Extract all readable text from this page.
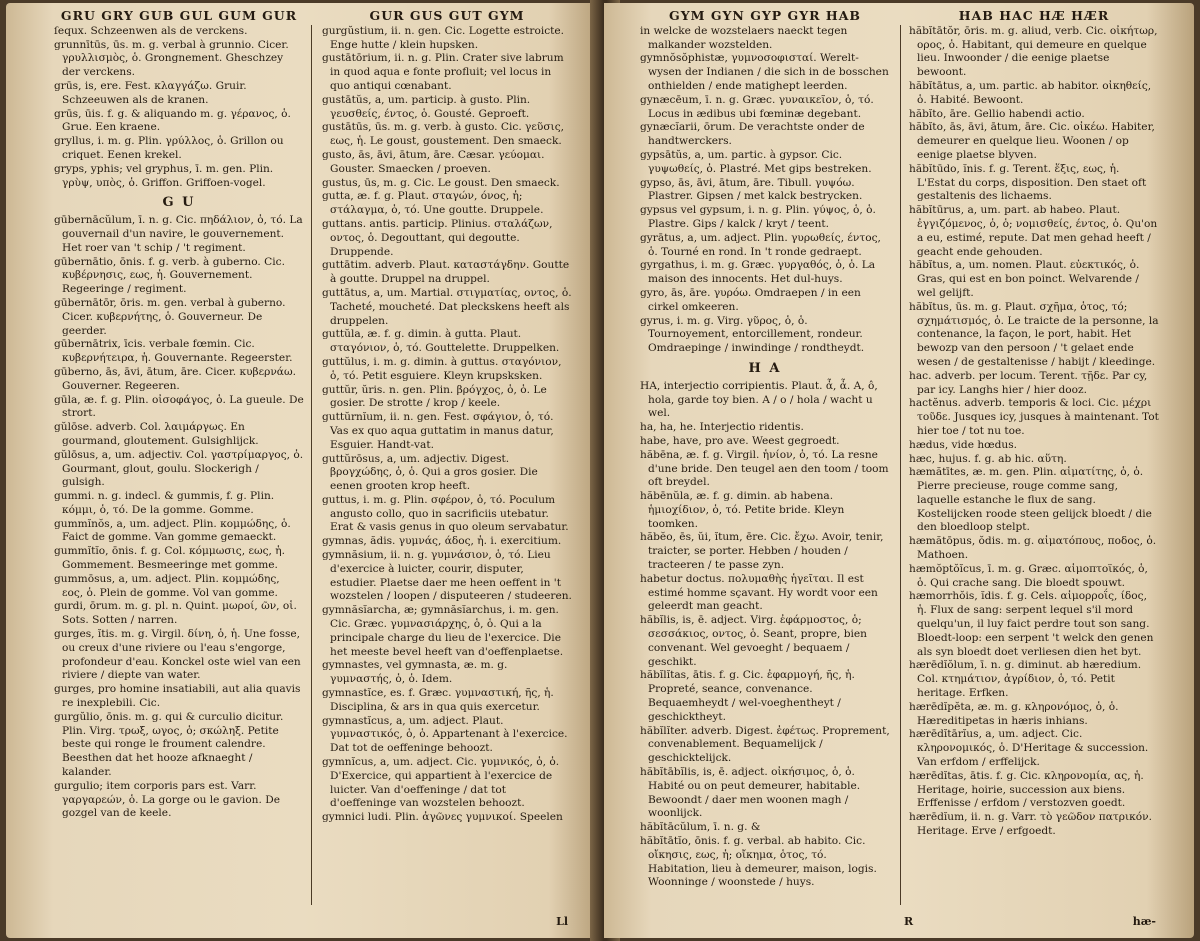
GRU GRY GUB GUL GUM GUR
ſequx. Schzeenwen als de verckens.
grunnītūs, ūs. m. g. verbal à grunnio. Cicer. γρυλλισμὸς, ὁ. Grongnement. Gheschzey der verckens.
grūs, is, ere. Fest. κλαγγάζω. Gruir. Schzeeuwen als de kranen.
grūs, ūis. f. g. & aliquando m. g. γέρανος, ὁ. Grue. Een kraene.
gryllus, i. m. g. Plin. γρύλλος, ὁ. Grillon ou criquet. Eenen krekel.
gryps, yphis; vel gryphus, ī. m. gen. Plin. γρὺψ, υπὸς, ὁ. Griffon. Griffoen-vogel.
G U
gūbernācŭlum, ī. n. g. Cic. πηδάλιον, ὁ, τό. La gouvernail d'un navire, le gouvernement. Het roer van 't schip / 't regiment.
gūbernātio, ōnis. f. g. verb. à guberno. Cic. κυβέρνησις, εως, ἡ. Gouvernement. Regeeringe / regiment.
gūbernātōr, ōris. m. gen. verbal à guberno. Cicer. κυβερνήτης, ὁ. Gouverneur. De geerder.
gūbernātrix, īcis. verbale fœmin. Cic. κυβερνήτειρα, ἡ. Gouvernante. Regeerster.
gūberno, ās, āvi, ātum, āre. Cicer. κυβερνάω. Gouverner. Regeeren.
gūla, æ. f. g. Plin. οἰσοφάγος, ὁ. La gueule. De strort.
gŭlōse. adverb. Col. λαιμάργως. En gourmand, gloutement. Gulsighlijck.
gŭlōsus, a, um. adjectiv. Col. γαστρίμαργος, ὁ. Gourmant, glout, goulu. Slockerigh / gulsigh.
gummi. n. g. indecl. & gummis, f. g. Plin. κόμμι, ὁ, τό. De la gomme. Gomme.
gummĭnŏs, a, um. adject. Plin. κομμώδης, ὁ. Faict de gomme. Van gomme gemaeckt.
gummĭtĭo, ōnis. f. g. Col. κόμμωσις, εως, ἡ. Gommement. Besmeeringe met gomme.
gummōsus, a, um. adject. Plin. κομμώδης, εος, ὁ. Plein de gomme. Vol van gomme.
gurdi, ōrum. m. g. pl. n. Quint. μωροί, ῶν, οἱ. Sots. Sotten / narren.
gurges, ĭtis. m. g. Virgil. δίνη, ὁ, ἡ. Une fosse, ou creux d'une riviere ou l'eau s'engorge, profondeur d'eau. Konckel oste wiel van een riviere / diepte van water.
gurges, pro homine insatiabili, aut alia quavis re inexplebili. Cic.
gurgŭlio, ōnis. m. g. qui & curculio dicitur. Plin. Virg. τρωξ, ωγος, ὁ; σκώληξ. Petite beste qui ronge le froument calendre. Beesthen dat het hooze afknaeght / kalander.
gurgulio; item corporis pars est. Varr. γαργαρεών, ὁ. La gorge ou le gavion. De gozgel van de keele.
GUR GUS GUT GYM
gurgŭstium, ii. n. gen. Cic. Logette estroicte. Enge hutte / klein hupsken.
gustātōrium, ii. n. g. Plin. Crater sive labrum in quod aqua e fonte profluit; vel locus in quo antiqui cœnabant.
gustātŭs, a, um. particip. à gusto. Plin. γευσθείς, έντος, ὁ. Gousté. Geproeft.
gustātūs, ūs. m. g. verb. à gusto. Cic. γεῦσις, εως, ἡ. Le goust, goustement. Den smaeck.
gusto, ās, āvi, ātum, āre. Cæsar. γεύομαι. Gouster. Smaecken / proeven.
gustus, ūs, m. g. Cic. Le goust. Den smaeck.
gutta, æ. f. g. Plaut. σταγών, όνος, ἡ; στάλαγμα, ὁ, τό. Une goutte. Druppele.
guttans. antis. particip. Plinius. σταλάζων, οντος, ὁ. Degouttant, qui degoutte. Druppende.
guttātim. adverb. Plaut. καταστάγδην. Goutte à goutte. Druppel na druppel.
guttātus, a, um. Martial. στιγματίας, οντος, ὁ. Tacheté, moucheté. Dat pleckskens heeft als druppelen.
guttŭla, æ. f. g. dimin. à gutta. Plaut. σταγόνιον, ὁ, τό. Gouttelette. Druppelken.
guttŭlus, i. m. g. dimin. à guttus. σταγόνιον, ὁ, τό. Petit esguiere. Kleyn krupsksken.
guttŭr, ŭris. n. gen. Plin. βρόγχος, ὁ, ὁ. Le gosier. De strotte / krop / keele.
guttŭrnĭum, ii. n. gen. Fest. σφάγιον, ὁ, τό. Vas ex quo aqua guttatim in manus datur, Esguier. Handt-vat.
guttŭrōsus, a, um. adjectiv. Digest. βρογχώδης, ὁ, ὁ. Qui a gros gosier. Die eenen grooten krop heeft.
guttus, i. m. g. Plin. σφέρον, ὁ, τό. Poculum angusto collo, quo in sacrificiis utebatur. Erat & vasis genus in quo oleum servabatur.
gymnas, ădis. γυμνάς, άδος, ἡ. i. exercitium.
gymnăsium, ii. n. g. γυμνάσιον, ὁ, τό. Lieu d'exercice à luicter, courir, disputer, estudier. Plaetse daer me heen oeffent in 't wozstelen / loopen / disputeeren / studeeren.
gymnăsĭarcha, æ; gymnăsĭarchus, i. m. gen. Cic. Græc. γυμνασιάρχης, ὁ, ὁ. Qui a la principale charge du lieu de l'exercice. Die het meeste bevel heeft van d'oeffenplaetse.
gymnastes, vel gymnasta, æ. m. g. γυμναστής, ὁ, ὁ. Idem.
gymnastĭce, es. f. Græc. γυμναστική, ῆς, ἡ. Disciplina, & ars in qua quis exercetur.
gymnastĭcus, a, um. adject. Plaut. γυμναστικός, ὁ, ὁ. Appartenant à l'exercice. Dat tot de oeffeninge behoozt.
gymnĭcus, a, um. adject. Cic. γυμνικός, ὁ, ὁ. D'Exercice, qui appartient à l'exercice de luicter. Van d'oeffeninge / dat tot d'oeffeninge van wozstelen behoozt.
gymnici ludi. Plin. ἀγῶνες γυμνικοί. Speelen
Ll
GYM GYN GYP GYR HAB
in welcke de wozstelaers naeckt tegen malkander wozstelden.
gymnŏsŏphistæ, γυμνοσοφισταί. Werelt-wysen der Indianen / die sich in de bosschen onthielden / ende matighept leerden.
gynæcēum, ī. n. g. Græc. γυναικεῖον, ὁ, τό. Locus in ædibus ubi fœminæ degebant.
gynæcĭarii, ōrum. De verachtste onder de handtwerckers.
gypsātŭs, a, um. partic. à gypsor. Cic. γυψωθείς, ὁ. Plastré. Met gips bestreken.
gypso, ās, āvi, ātum, āre. Tibull. γυψόω. Plastrer. Gipsen / met kalck bestrycken.
gypsus vel gypsum, i. n. g. Plin. γύψος, ὁ, ὁ. Plastre. Gips / kalck / kryt / teent.
gyrātus, a, um. adject. Plin. γυρωθείς, έντος, ὁ. Tourné en rond. In 't ronde gedraept.
gyrgathus, i. m. g. Græc. γυργαθός, ὁ, ὁ. La maison des innocents. Het dul-huys.
gyro, ās, āre. γυρόω. Omdraepen / in een cirkel omkeeren.
gyrus, i. m. g. Virg. γῦρος, ὁ, ὁ. Tournoyement, entorcillement, rondeur. Omdraepinge / inwindinge / rondtheydt.
H A
HA, interjectio corripientis. Plaut. ἆ, ἆ. A, ô, hola, garde toy bien. A / o / hola / wacht u wel.
ha, ha, he. Interjectio ridentis.
habe, have, pro ave. Weest gegroedt.
hăbēna, æ. f. g. Virgil. ἡνίον, ὁ, τό. La resne d'une bride. Den teugel aen den toom / toom oft breydel.
hăbēnŭla, æ. f. g. dimin. ab habena. ἡμιοχίδιον, ὁ, τό. Petite bride. Kleyn toomken.
hăbĕo, ēs, ŭi, ĭtum, ēre. Cic. ἔχω. Avoir, tenir, traicter, se porter. Hebben / houden / tracteeren / te passe zyn.
habetur doctus. πολυμαθὴς ἡγεῖται. Il est estimé homme sçavant. Hy wordt voor een geleerdt man geacht.
hăbĭlis, is, ē. adject. Virg. ἐφάρμοστος, ὁ; σεσσάκιος, οντος, ὁ. Seant, propre, bien convenant. Wel gevoeght / bequaem / geschikt.
hăbĭlĭtas, ātis. f. g. Cic. ἐφαρμογή, ῆς, ἡ. Propreté, seance, convenance. Bequaemheydt / wel-voeghentheyt / geschicktheyt.
hăbĭlĭter. adverb. Digest. ἐφέτως. Proprement, convenablement. Bequamelijck / geschicktelijck.
hăbĭtābĭlis, is, ē. adject. οἰκήσιμος, ὁ, ὁ. Habité ou on peut demeurer, habitable. Bewoondt / daer men woonen magh / woonlijck.
hăbĭtācŭlum, ī. n. g. &
hăbĭtātĭo, ōnis. f. g. verbal. ab habito. Cic. οἴκησις, εως, ἡ; οἴκημα, ὁτος, τό. Habitation, lieu à demeurer, maison, logis. Woonninge / woonstede / huys.
HAB HAC HÆ HÆR
hăbĭtātŏr, ōris. m. g. aliud, verb. Cic. οἰκήτωρ, ορος, ὁ. Habitant, qui demeure en quelque lieu. Inwoonder / die eenige plaetse bewoont.
hăbĭtātus, a, um. partic. ab habitor. οἰκηθείς, ὁ. Habité. Bewoont.
hăbĭto, āre. Gellio habendi actio.
hăbĭto, ās, āvi, ātum, āre. Cic. οἰκέω. Habiter, demeurer en quelque lieu. Woonen / op eenige plaetse blyven.
hăbĭtūdo, ĭnis. f. g. Terent. ἕξις, εως, ἡ. L'Estat du corps, disposition. Den staet oft gestaltenis des lichaems.
hăbĭtūrus, a, um. part. ab habeo. Plaut. ἐγγιζόμενος, ὁ, ὁ; νομισθείς, έντος, ὁ. Qu'on a eu, estimé, repute. Dat men gehad heeft / geacht ende gehouden.
hăbĭtus, a, um. nomen. Plaut. εὐεκτικός, ὁ. Gras, qui est en bon poinct. Welvarende / wel gelijft.
hăbĭtus, ūs. m. g. Plaut. σχῆμα, ὁτος, τό; σχημάτισμός, ὁ. Le traicte de la personne, la contenance, la façon, le port, habit. Het bewozp van den persoon / 't gelaet ende wesen / de gestaltenisse / habijt / kleedinge.
hac. adverb. per locum. Terent. τῇδε. Par cy, par icy. Langhs hier / hier dooz.
hactĕnus. adverb. temporis & loci. Cic. μέχρι τοῦδε. Jusques icy, jusques à maintenant. Tot hier toe / tot nu toe.
hædus, vide hœdus.
hæc, hujus. f. g. ab hic. αὕτη.
hæmătītes, æ. m. gen. Plin. αἱματίτης, ὁ, ὁ. Pierre precieuse, rouge comme sang, laquelle estanche le flux de sang. Kostelijcken roode steen gelijck bloedt / die den bloedloop stelpt.
hæmătōpus, ŏdis. m. g. αἱματόπους, ποδος, ὁ. Mathoen.
hæmŏptŏĭcus, ī. m. g. Græc. αἱμοπτοϊκός, ὁ, ὁ. Qui crache sang. Die bloedt spouwt.
hæmorrhŏis, ĭdis. f. g. Cels. αἱμορροΐς, ίδος, ἡ. Flux de sang: serpent lequel s'il mord quelqu'un, il luy faict perdre tout son sang. Bloedt-loop: een serpent 't welck den genen als syn bloedt doet verliesen dien het byt.
hærēdĭŏlum, ī. n. g. diminut. ab hæredium. Col. κτημάτιον, ἀγρίδιον, ὁ, τό. Petit heritage. Erfken.
hærēdĭpĕta, æ. m. g. κληρονόμος, ὁ, ὁ. Hæreditipetas in hæris inhians.
hærēdĭtārĭus, a, um. adject. Cic. κληρονομικός, ὁ. D'Heritage & succession. Van erfdom / erffelijck.
hærēdĭtas, ātis. f. g. Cic. κληρονομία, ας, ἡ. Heritage, hoirie, succession aux biens. Erffenisse / erfdom / verstozven goedt.
hærēdĭum, ii. n. g. Varr. τὸ γεῶδον πατρικόν. Heritage. Erve / erfgoedt.
R	hæ-
